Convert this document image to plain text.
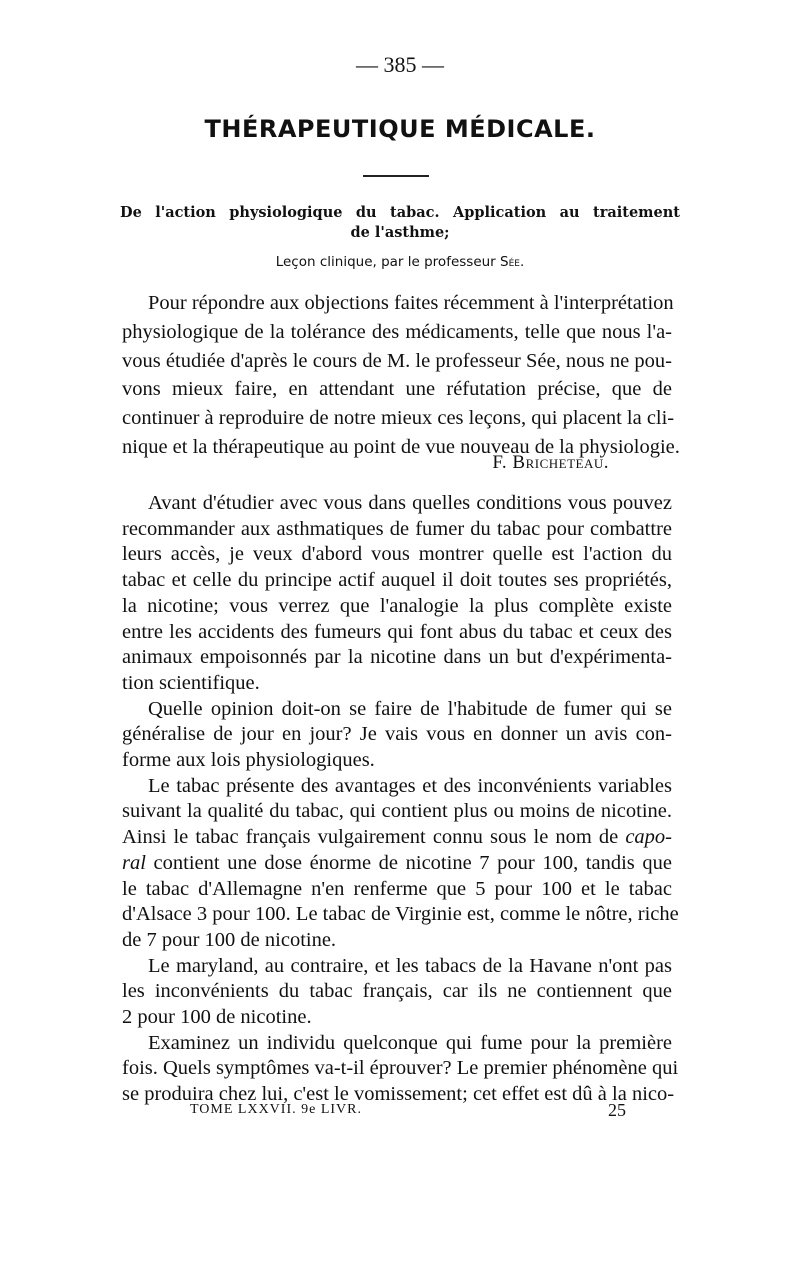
— 385 —
THÉRAPEUTIQUE MÉDICALE.
De l'action physiologique du tabac. Application au traitement
de l'asthme;
Leçon clinique, par le professeur Sée.
Pour répondre aux objections faites récemment à l'interprétation
physiologique de la tolérance des médicaments, telle que nous l'a-
vous étudiée d'après le cours de M. le professeur Sée, nous ne pou-
vons mieux faire, en attendant une réfutation précise, que de
continuer à reproduire de notre mieux ces leçons, qui placent la cli-
nique et la thérapeutique au point de vue nouveau de la physiologie.
F. Bricheteau.
Avant d'étudier avec vous dans quelles conditions vous pouvez
recommander aux asthmatiques de fumer du tabac pour combattre
leurs accès, je veux d'abord vous montrer quelle est l'action du
tabac et celle du principe actif auquel il doit toutes ses propriétés,
la nicotine; vous verrez que l'analogie la plus complète existe
entre les accidents des fumeurs qui font abus du tabac et ceux des
animaux empoisonnés par la nicotine dans un but d'expérimenta-
tion scientifique.
Quelle opinion doit-on se faire de l'habitude de fumer qui se
généralise de jour en jour? Je vais vous en donner un avis con-
forme aux lois physiologiques.
Le tabac présente des avantages et des inconvénients variables
suivant la qualité du tabac, qui contient plus ou moins de nicotine.
Ainsi le tabac français vulgairement connu sous le nom de capo-
ral contient une dose énorme de nicotine 7 pour 100, tandis que
le tabac d'Allemagne n'en renferme que 5 pour 100 et le tabac
d'Alsace 3 pour 100. Le tabac de Virginie est, comme le nôtre, riche
de 7 pour 100 de nicotine.
Le maryland, au contraire, et les tabacs de la Havane n'ont pas
les inconvénients du tabac français, car ils ne contiennent que
2 pour 100 de nicotine.
Examinez un individu quelconque qui fume pour la première
fois. Quels symptômes va-t-il éprouver? Le premier phénomène qui
se produira chez lui, c'est le vomissement; cet effet est dû à la nico-
TOME LXXVII. 9e LIVR.	25
